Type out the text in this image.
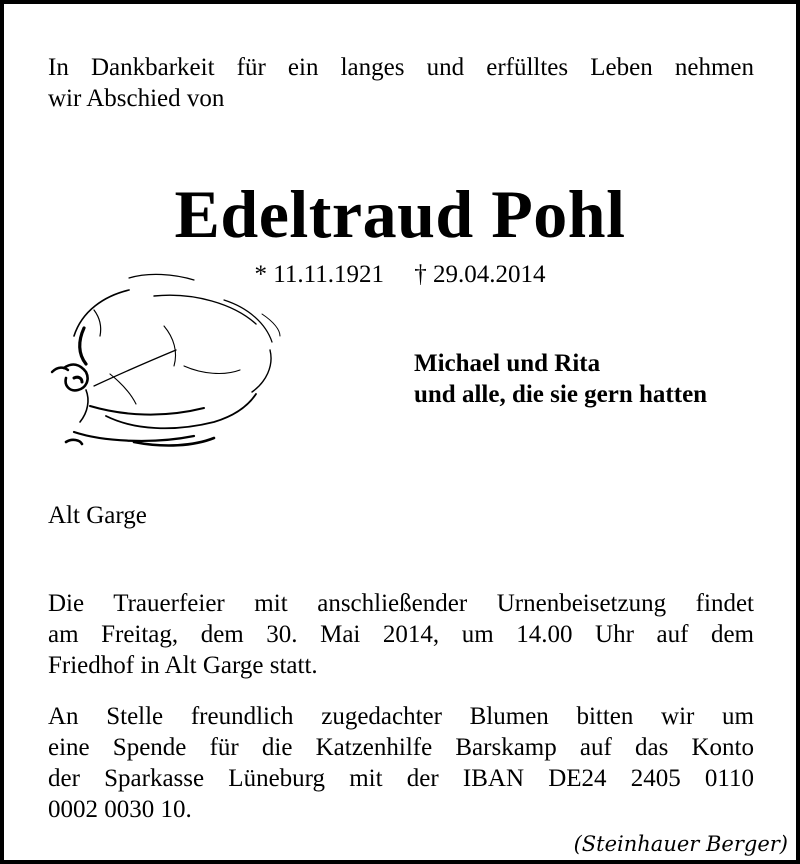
In Dankbarkeit für ein langes und erfülltes Leben nehmen
wir Abschied von
Edeltraud Pohl
* 11.11.1921 † 29.04.2014
Michael und Rita
und alle, die sie gern hatten
Alt Garge
Die Trauerfeier mit anschließender Urnenbeisetzung findet
am Freitag, dem 30. Mai 2014, um 14.00 Uhr auf dem
Friedhof in Alt Garge statt.
An Stelle freundlich zugedachter Blumen bitten wir um
eine Spende für die Katzenhilfe Barskamp auf das Konto
der Sparkasse Lüneburg mit der IBAN DE24 2405 0110
0002 0030 10.
(Steinhauer Berger)
